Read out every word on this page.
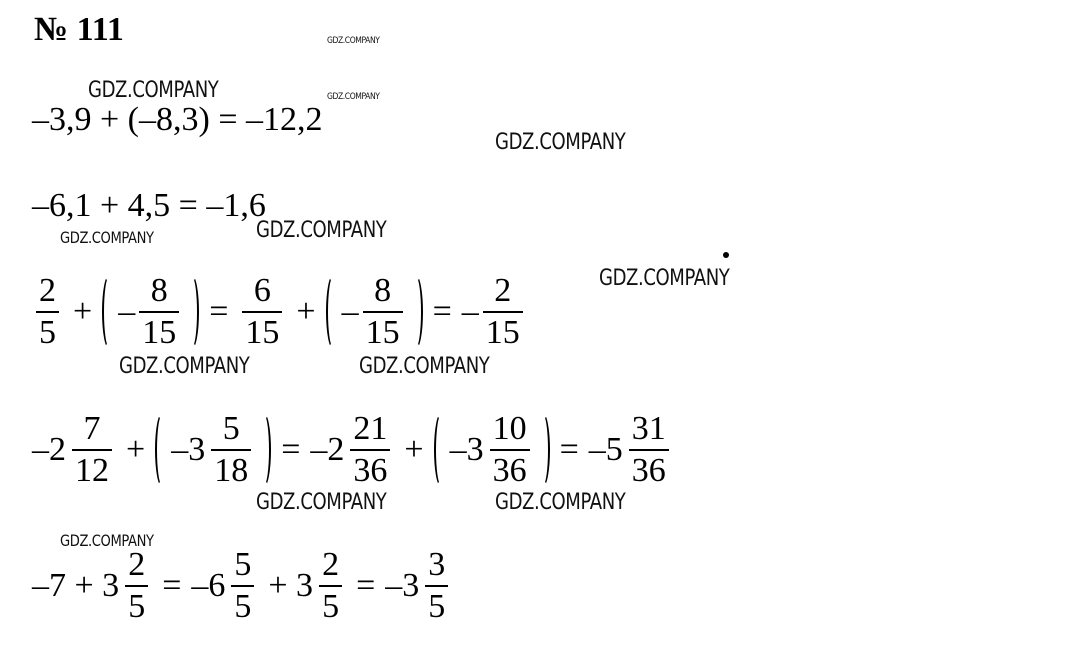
№ 111	GDZ.COMPANY
GDZ.COMPANY	GDZ.COMPANY
GDZ.COMPANY
GDZ.COMPANY	GDZ.COMPANY
GDZ.COMPANY
GDZ.COMPANY	GDZ.COMPANY
GDZ.COMPANY	GDZ.COMPANY
GDZ.COMPANY
–3,9 + (–8,3) = –12,2
–6,1 + 4,5 = –1,6
$\frac{2}{5}$ + – $\frac{8}{15} = \frac{6}{15}$ + – $\frac{8}{15}$ = – $\frac{2}{15}$
$-2 \frac{7}{12} + -3 \frac{5}{18} = -2 \frac{21}{36} + -3 \frac{10}{36} = -5 \frac{31}{36}$
$-7 + 3 \frac{2}{5} = -6 \frac{5}{5} + 3 \frac{2}{5} = -3 \frac{3}{5}$
